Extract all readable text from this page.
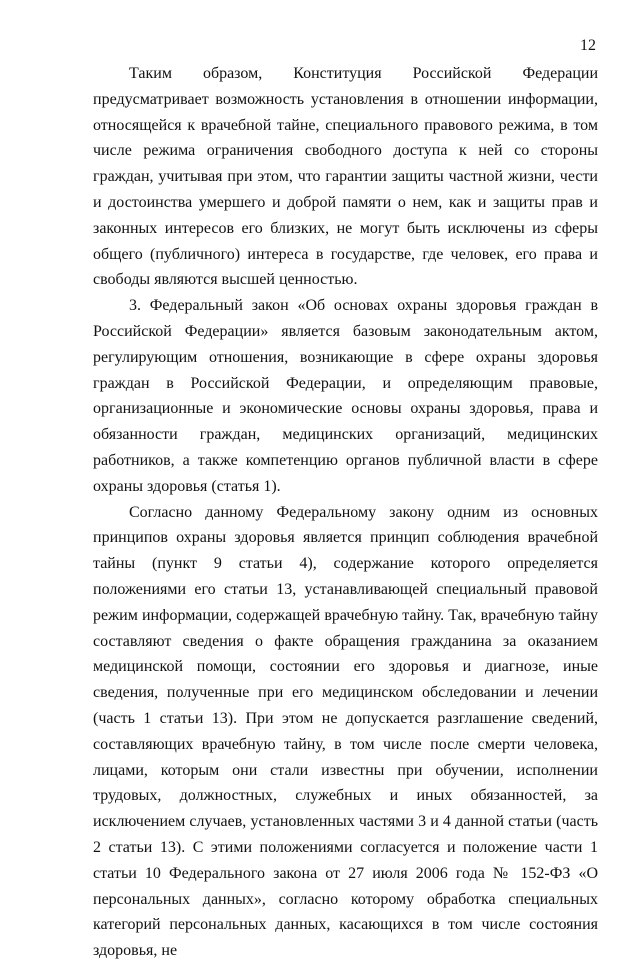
12

Таким образом, Конституция Российской Федерации предусматривает возможность установления в отношении информации, относящейся к врачебной тайне, специального правового режима, в том числе режима ограничения свободного доступа к ней со стороны граждан, учитывая при этом, что гарантии защиты частной жизни, чести и достоинства умершего и доброй памяти о нем, как и защиты прав и законных интересов его близких, не могут быть исключены из сферы общего (публичного) интереса в государстве, где человек, его права и свободы являются высшей ценностью.

3. Федеральный закон «Об основах охраны здоровья граждан в Российской Федерации» является базовым законодательным актом, регулирующим отношения, возникающие в сфере охраны здоровья граждан в Российской Федерации, и определяющим правовые, организационные и экономические основы охраны здоровья, права и обязанности граждан, медицинских организаций, медицинских работников, а также компетенцию органов публичной власти в сфере охраны здоровья (статья 1).

Согласно данному Федеральному закону одним из основных принципов охраны здоровья является принцип соблюдения врачебной тайны (пункт 9 статьи 4), содержание которого определяется положениями его статьи 13, устанавливающей специальный правовой режим информации, содержащей врачебную тайну. Так, врачебную тайну составляют сведения о факте обращения гражданина за оказанием медицинской помощи, состоянии его здоровья и диагнозе, иные сведения, полученные при его медицинском обследовании и лечении (часть 1 статьи 13). При этом не допускается разглашение сведений, составляющих врачебную тайну, в том числе после смерти человека, лицами, которым они стали известны при обучении, исполнении трудовых, должностных, служебных и иных обязанностей, за исключением случаев, установленных частями 3 и 4 данной статьи (часть 2 статьи 13). С этими положениями согласуется и положение части 1 статьи 10 Федерального закона от 27 июля 2006 года № 152-ФЗ «О персональных данных», согласно которому обработка специальных категорий персональных данных, касающихся в том числе состояния здоровья, не
